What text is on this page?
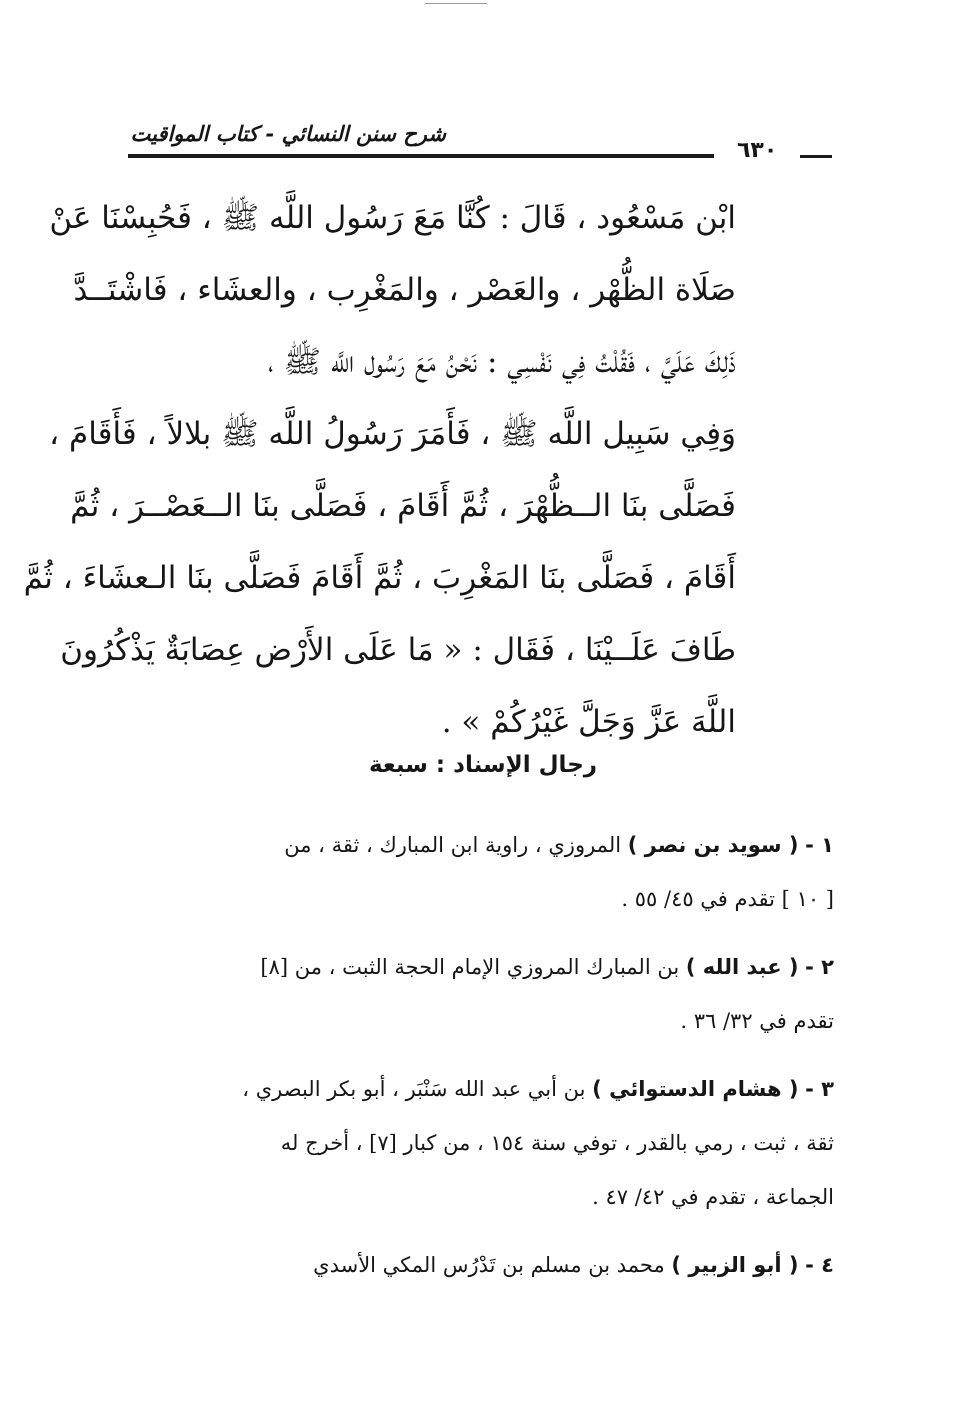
شرح سنن النسائي - كتاب المواقيت
٦٣٠
ابْن مَسْعُود ، قَالَ : كُنَّا مَعَ رَسُول اللَّه ﷺ ، فَحُبِسْنَا عَنْ
صَلَاة الظُّهْر ، والعَصْر ، والمَغْرِب ، والعشَاء ، فَاشْتَــدَّ
ذَلِكَ عَلَيَّ ، فَقُلْتُ فِي نَفْسِي : نَحْنُ مَعَ رَسُول اللَّه ﷺ ،
وَفِي سَبِيل اللَّه ﷺ ، فَأَمَرَ رَسُولُ اللَّه ﷺ بلالاً ، فَأَقَامَ ،
فَصَلَّى بنَا الــظُّهْرَ ، ثُمَّ أَقَامَ ، فَصَلَّى بنَا الــعَصْــرَ ، ثُمَّ
أَقَامَ ، فَصَلَّى بنَا المَغْرِبَ ، ثُمَّ أَقَامَ فَصَلَّى بنَا الـعشَاءَ ، ثُمَّ
طَافَ عَلَــيْنَا ، فَقَال : « مَا عَلَى الأَرْض عِصَابَةٌ يَذْكُرُونَ
اللَّهَ عَزَّ وَجَلَّ غَيْرُكُمْ » .
رجال الإسناد : سبعة
١ - ( سويد بن نصر ) المروزي ، راوية ابن المبارك ، ثقة ، من
[ ١٠ ] تقدم في ٤٥/ ٥٥ .
٢ - ( عبد الله ) بن المبارك المروزي الإمام الحجة الثبت ، من [٨]
تقدم في ٣٢/ ٣٦ .
٣ - ( هشام الدستوائي ) بن أبي عبد الله سَنْبَر ، أبو بكر البصري ،
ثقة ، ثبت ، رمي بالقدر ، توفي سنة ١٥٤ ، من كبار [٧] ، أخرج له
الجماعة ، تقدم في ٤٢/ ٤٧ .
٤ - ( أبو الزبير ) محمد بن مسلم بن تَدْرُس المكي الأسدي
